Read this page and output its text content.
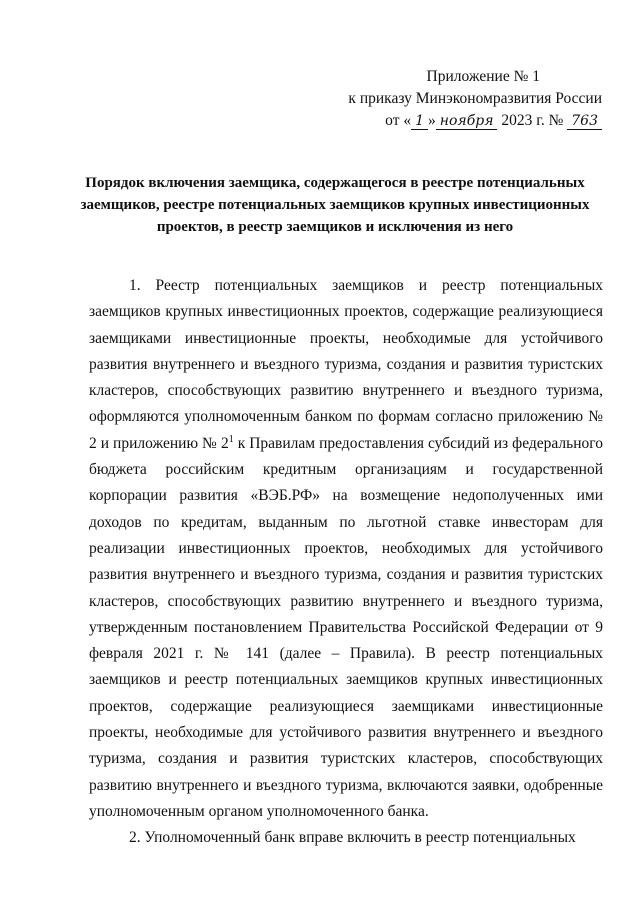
Приложение № 1
к приказу Минэкономразвития России
от « 1 » ноября 2023 г. № 763
Порядок включения заемщика, содержащегося в реестре потенциальных заемщиков, реестре потенциальных заемщиков крупных инвестиционных проектов, в реестр заемщиков и исключения из него

1. Реестр потенциальных заемщиков и реестр потенциальных заемщиков крупных инвестиционных проектов, содержащие реализующиеся заемщиками инвестиционные проекты, необходимые для устойчивого развития внутреннего и въездного туризма, создания и развития туристских кластеров, способствующих развитию внутреннего и въездного туризма, оформляются уполномоченным банком по формам согласно приложению № 2 и приложению № $2^1$ к Правилам предоставления субсидий из федерального бюджета российским кредитным организациям и государственной корпорации развития «ВЭБ.РФ» на возмещение недополученных ими доходов по кредитам, выданным по льготной ставке инвесторам для реализации инвестиционных проектов, необходимых для устойчивого развития внутреннего и въездного туризма, создания и развития туристских кластеров, способствующих развитию внутреннего и въездного туризма, утвержденным постановлением Правительства Российской Федерации от 9 февраля 2021 г. № 141 (далее – Правила). В реестр потенциальных заемщиков и реестр потенциальных заемщиков крупных инвестиционных проектов, содержащие реализующиеся заемщиками инвестиционные проекты, необходимые для устойчивого развития внутреннего и въездного туризма, создания и развития туристских кластеров, способствующих развитию внутреннего и въездного туризма, включаются заявки, одобренные уполномоченным органом уполномоченного банка.

2. Уполномоченный банк вправе включить в реестр потенциальных
